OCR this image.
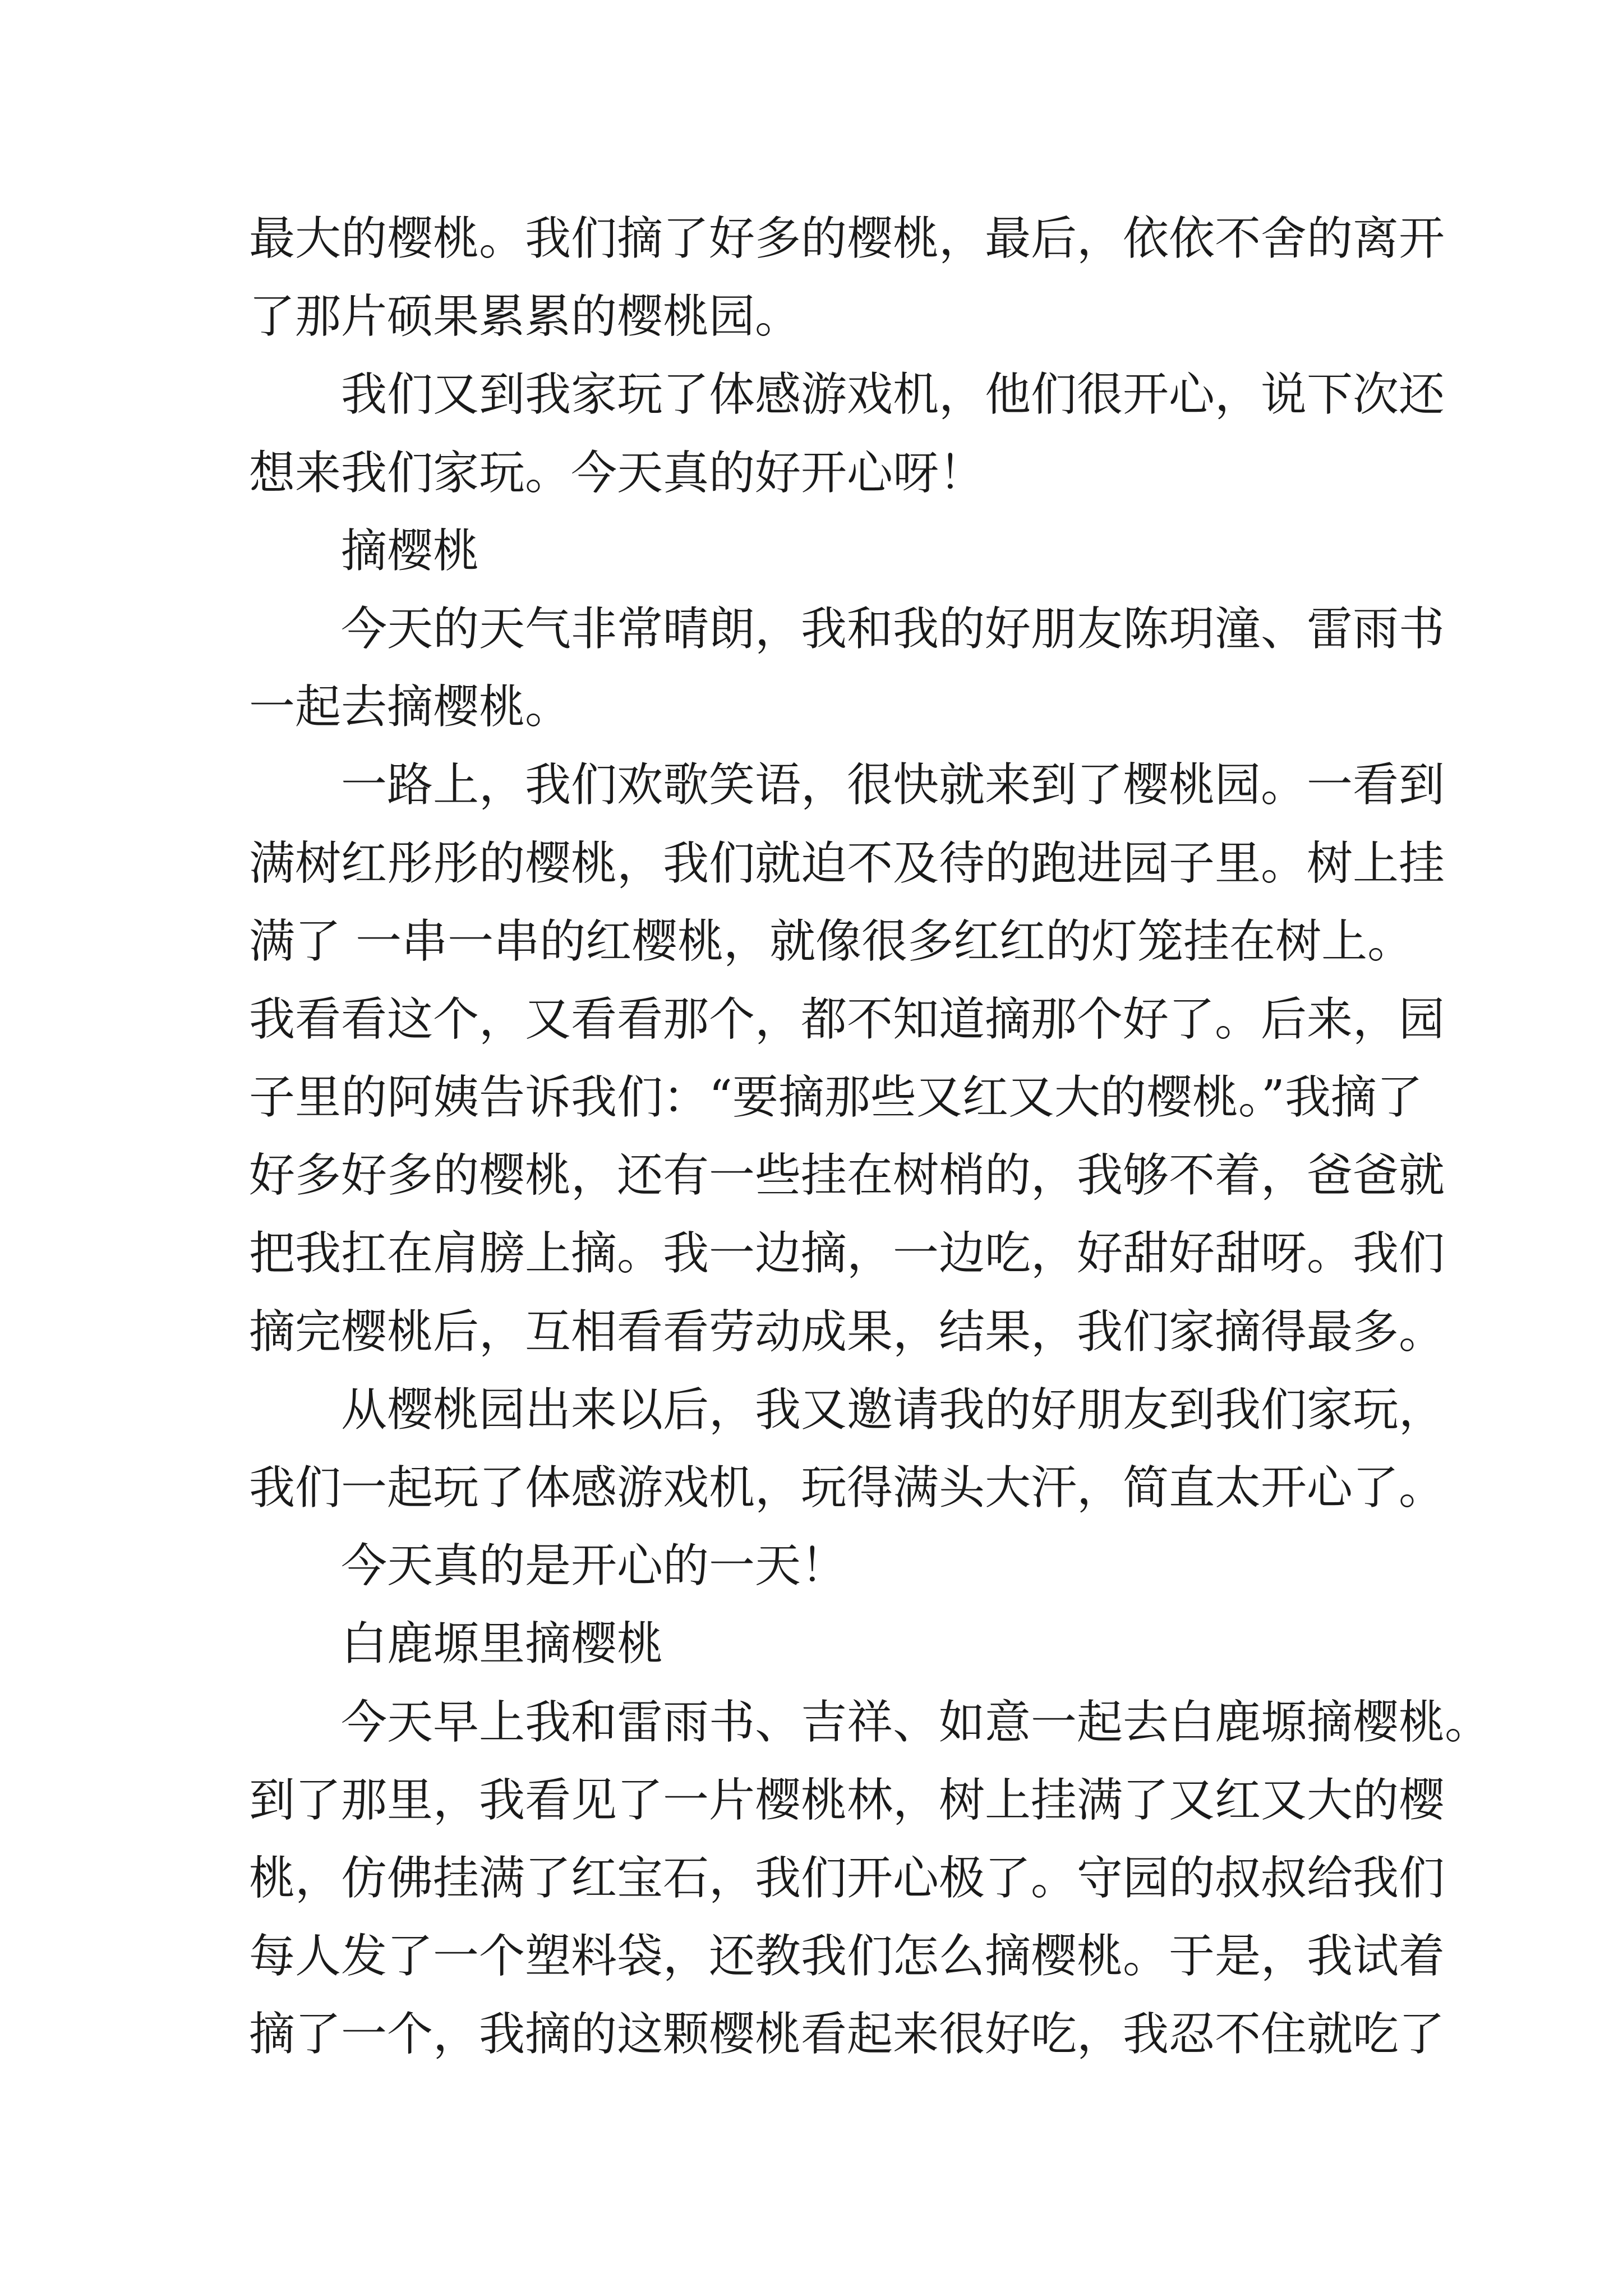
最大的樱桃。我们摘了好多的樱桃，最后，依依不舍的离开
了那片硕果累累的樱桃园。
我们又到我家玩了体感游戏机，他们很开心，说下次还
想来我们家玩。今天真的好开心呀！
摘樱桃
今天的天气非常晴朗，我和我的好朋友陈玥潼、雷雨书
一起去摘樱桃。
一路上，我们欢歌笑语，很快就来到了樱桃园。一看到
满树红彤彤的樱桃，我们就迫不及待的跑进园子里。树上挂
满了 一串一串的红樱桃，就像很多红红的灯笼挂在树上。
我看看这个，又看看那个，都不知道摘那个好了。后来，园
子里的阿姨告诉我们：“要摘那些又红又大的樱桃。”我摘了
好多好多的樱桃，还有一些挂在树梢的，我够不着，爸爸就
把我扛在肩膀上摘。我一边摘，一边吃，好甜好甜呀。我们
摘完樱桃后，互相看看劳动成果，结果，我们家摘得最多。
从樱桃园出来以后，我又邀请我的好朋友到我们家玩，
我们一起玩了体感游戏机，玩得满头大汗，简直太开心了。
今天真的是开心的一天！
白鹿塬里摘樱桃
今天早上我和雷雨书、吉祥、如意一起去白鹿塬摘樱桃。
到了那里，我看见了一片樱桃林，树上挂满了又红又大的樱
桃，仿佛挂满了红宝石，我们开心极了。守园的叔叔给我们
每人发了一个塑料袋，还教我们怎么摘樱桃。于是，我试着
摘了一个，我摘的这颗樱桃看起来很好吃，我忍不住就吃了
